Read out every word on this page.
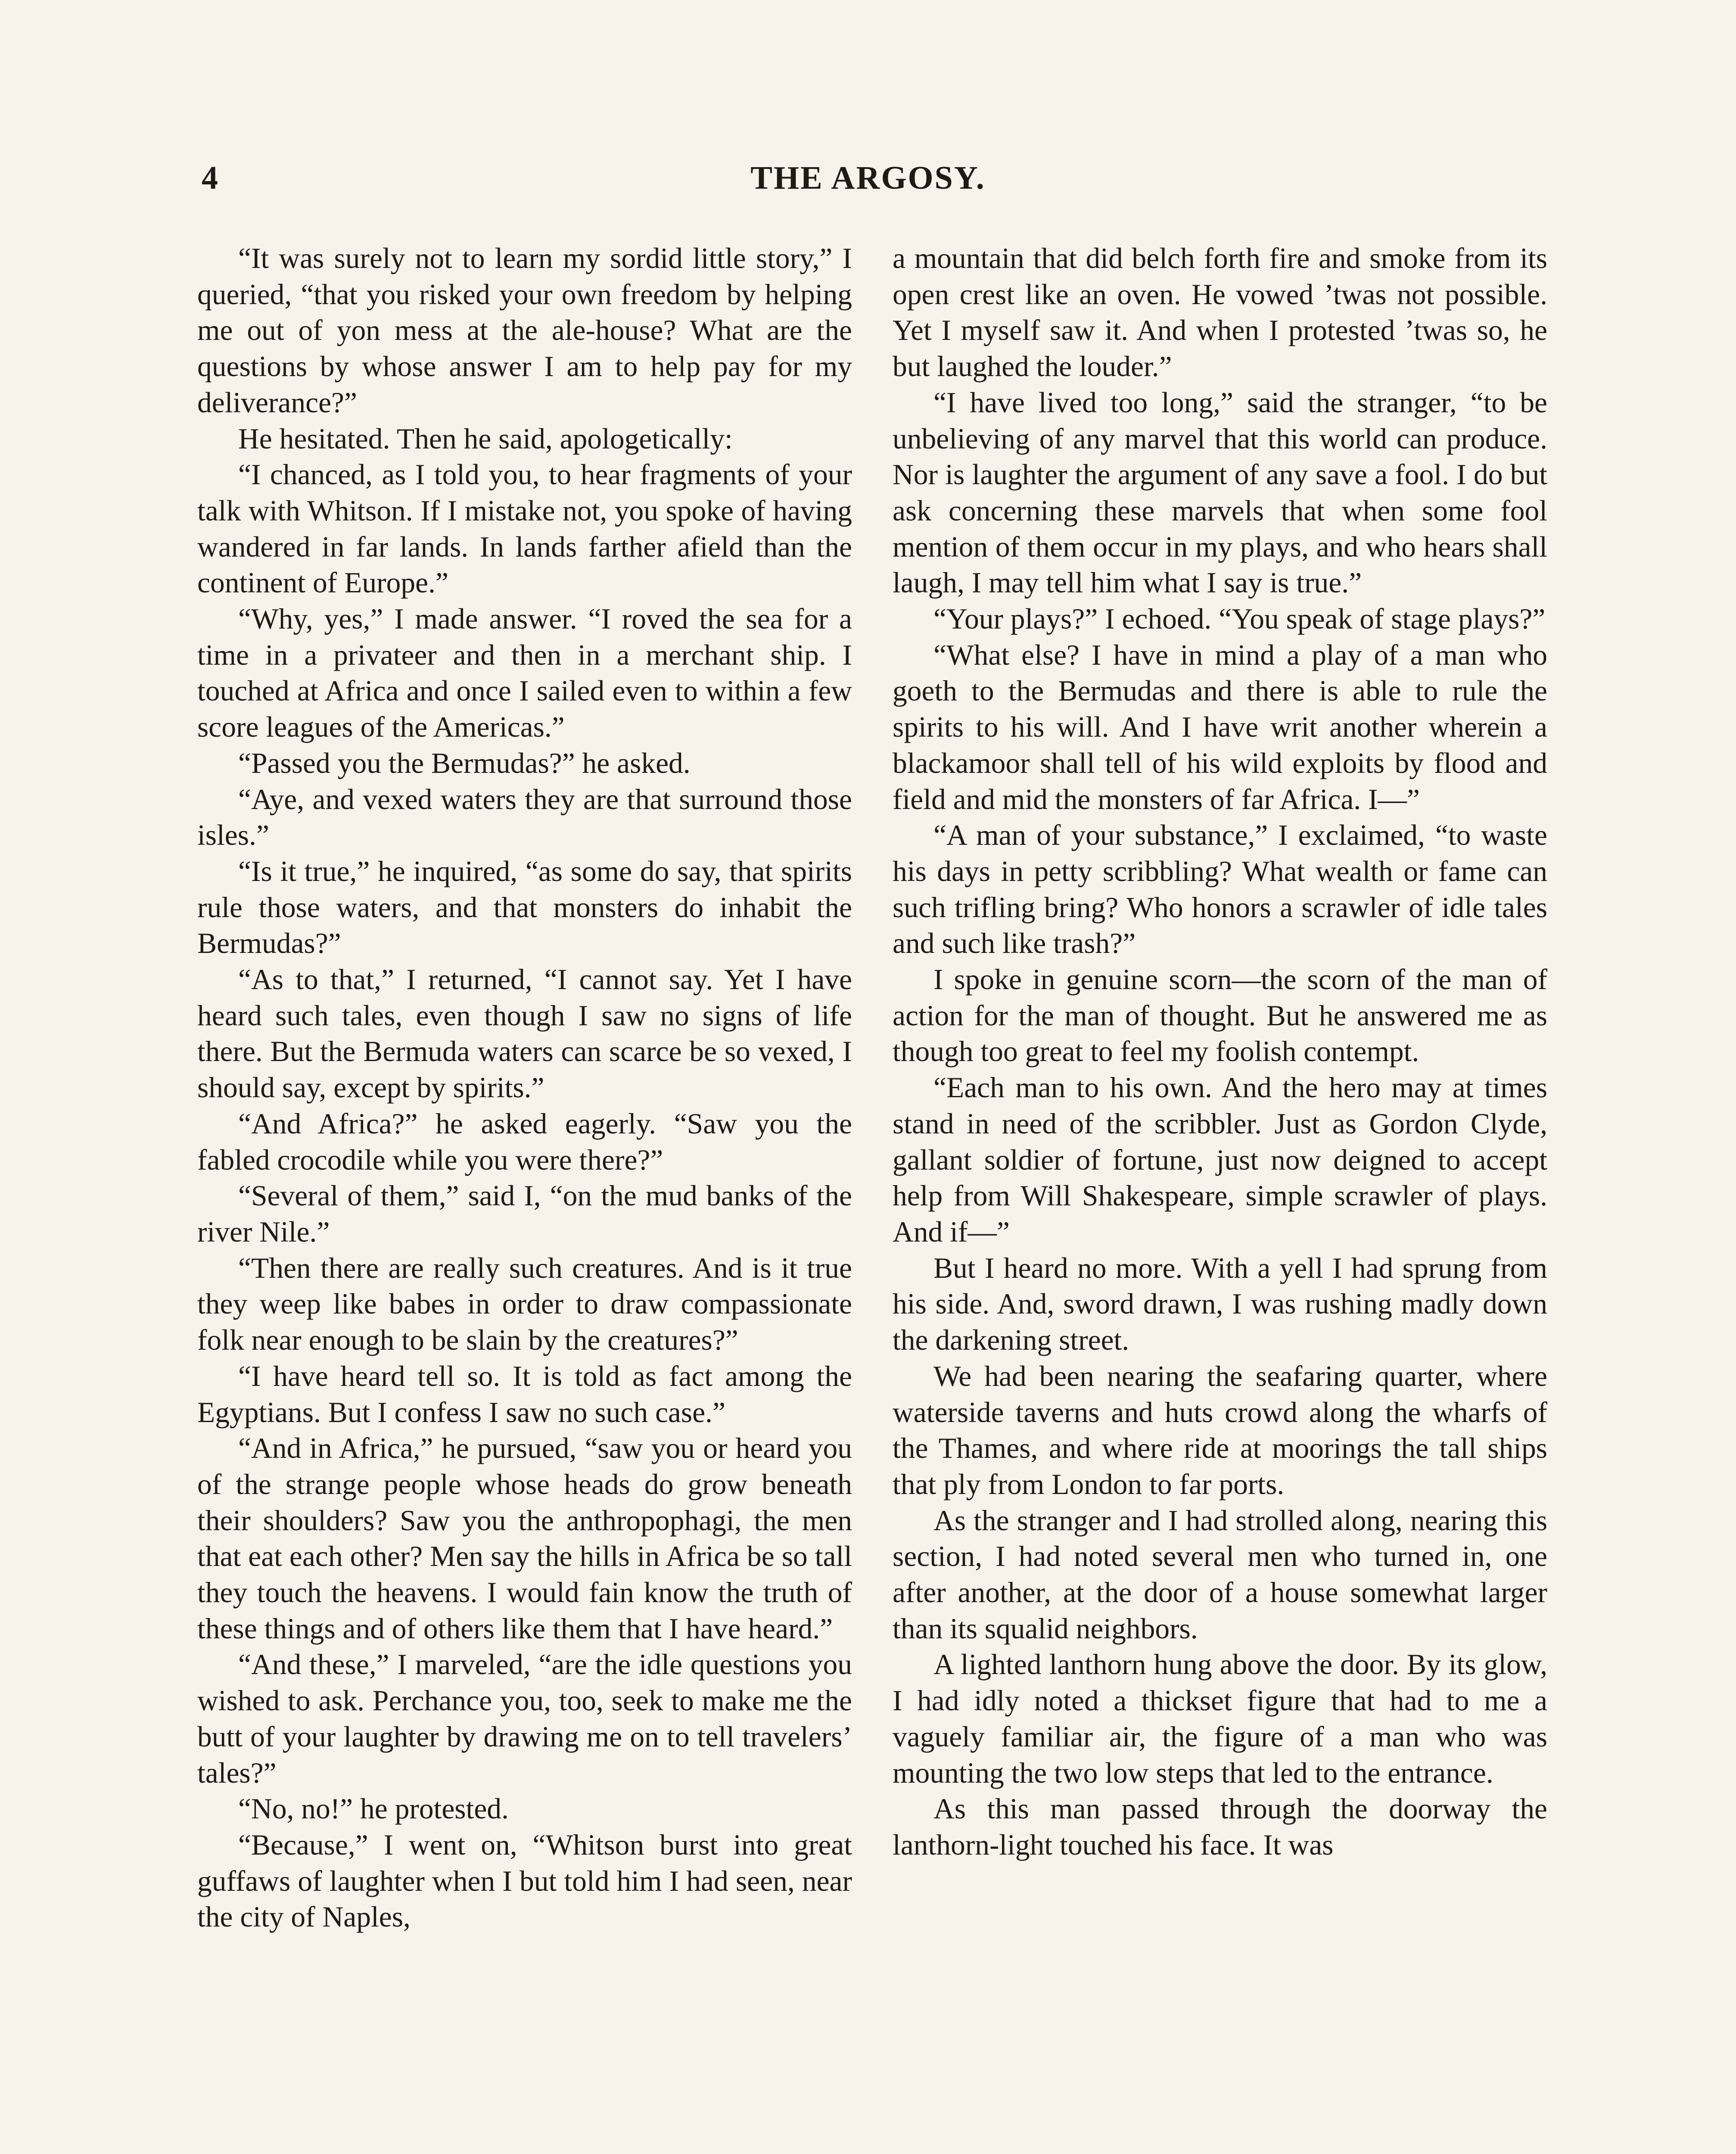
4	THE ARGOSY.

“It was surely not to learn my sordid little story,” I queried, “that you risked your own freedom by helping me out of yon mess at the ale-house? What are the questions by whose answer I am to help pay for my deliverance?”

He hesitated. Then he said, apologetically:

“I chanced, as I told you, to hear fragments of your talk with Whitson. If I mistake not, you spoke of having wandered in far lands. In lands farther afield than the continent of Europe.”

“Why, yes,” I made answer. “I roved the sea for a time in a privateer and then in a merchant ship. I touched at Africa and once I sailed even to within a few score leagues of the Americas.”

“Passed you the Bermudas?” he asked.

“Aye, and vexed waters they are that surround those isles.”

“Is it true,” he inquired, “as some do say, that spirits rule those waters, and that monsters do inhabit the Bermudas?”

“As to that,” I returned, “I cannot say. Yet I have heard such tales, even though I saw no signs of life there. But the Bermuda waters can scarce be so vexed, I should say, except by spirits.”

“And Africa?” he asked eagerly. “Saw you the fabled crocodile while you were there?”

“Several of them,” said I, “on the mud banks of the river Nile.”

“Then there are really such creatures. And is it true they weep like babes in order to draw compassionate folk near enough to be slain by the creatures?”

“I have heard tell so. It is told as fact among the Egyptians. But I confess I saw no such case.”

“And in Africa,” he pursued, “saw you or heard you of the strange people whose heads do grow beneath their shoulders? Saw you the anthropophagi, the men that eat each other? Men say the hills in Africa be so tall they touch the heavens. I would fain know the truth of these things and of others like them that I have heard.”

“And these,” I marveled, “are the idle questions you wished to ask. Perchance you, too, seek to make me the butt of your laughter by drawing me on to tell travelers’ tales?”

“No, no!” he protested.

“Because,” I went on, “Whitson burst into great guffaws of laughter when I but told him I had seen, near the city of Naples,

a mountain that did belch forth fire and smoke from its open crest like an oven. He vowed ’twas not possible. Yet I myself saw it. And when I protested ’twas so, he but laughed the louder.”

“I have lived too long,” said the stranger, “to be unbelieving of any marvel that this world can produce. Nor is laughter the argument of any save a fool. I do but ask concerning these marvels that when some fool mention of them occur in my plays, and who hears shall laugh, I may tell him what I say is true.”

“Your plays?” I echoed. “You speak of stage plays?”

“What else? I have in mind a play of a man who goeth to the Bermudas and there is able to rule the spirits to his will. And I have writ another wherein a blackamoor shall tell of his wild exploits by flood and field and mid the monsters of far Africa. I—”

“A man of your substance,” I exclaimed, “to waste his days in petty scribbling? What wealth or fame can such trifling bring? Who honors a scrawler of idle tales and such like trash?”

I spoke in genuine scorn—the scorn of the man of action for the man of thought. But he answered me as though too great to feel my foolish contempt.

“Each man to his own. And the hero may at times stand in need of the scribbler. Just as Gordon Clyde, gallant soldier of fortune, just now deigned to accept help from Will Shakespeare, simple scrawler of plays. And if—”

But I heard no more. With a yell I had sprung from his side. And, sword drawn, I was rushing madly down the darkening street.

We had been nearing the seafaring quarter, where waterside taverns and huts crowd along the wharfs of the Thames, and where ride at moorings the tall ships that ply from London to far ports.

As the stranger and I had strolled along, nearing this section, I had noted several men who turned in, one after another, at the door of a house somewhat larger than its squalid neighbors.

A lighted lanthorn hung above the door. By its glow, I had idly noted a thickset figure that had to me a vaguely familiar air, the figure of a man who was mounting the two low steps that led to the entrance.

As this man passed through the doorway the lanthorn-light touched his face. It was
